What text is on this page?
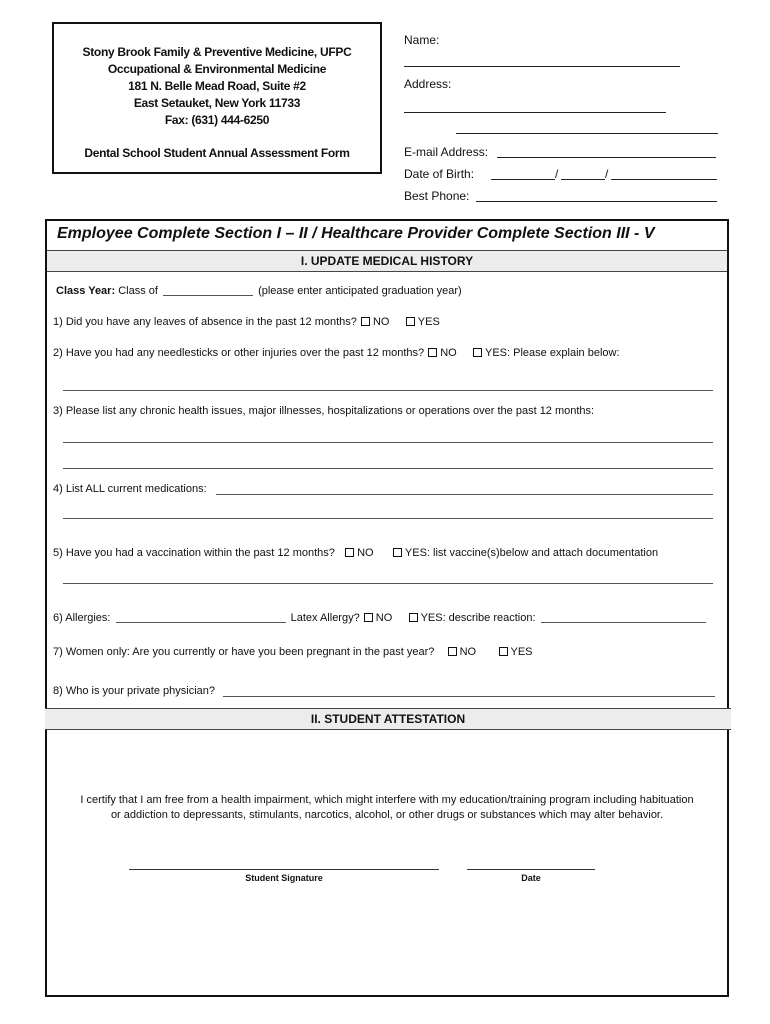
Stony Brook Family & Preventive Medicine, UFPC
Occupational & Environmental Medicine
181 N. Belle Mead Road, Suite #2
East Setauket, New York 11733
Fax: (631) 444-6250
Dental School Student Annual Assessment Form
Name:
Address:
E-mail Address:
Date of Birth:	/	/
Best Phone:
Employee Complete Section I – II / Healthcare Provider Complete Section III - V
I. UPDATE MEDICAL HISTORY
Class Year: Class of	(please enter anticipated graduation year)
1) Did you have any leaves of absence in the past 12 months? NO	YES
2) Have you had any needlesticks or other injuries over the past 12 months? NO	YES: Please explain below:
3) Please list any chronic health issues, major illnesses, hospitalizations or operations over the past 12 months:
4) List ALL current medications:
5) Have you had a vaccination within the past 12 months? NO	YES: list vaccine(s)below and attach documentation
6) Allergies:	Latex Allergy? NO	YES: describe reaction:
7) Women only: Are you currently or have you been pregnant in the past year? NO	YES
8) Who is your private physician?
II. STUDENT ATTESTATION
I certify that I am free from a health impairment, which might interfere with my education/training program including habituation
or addiction to depressants, stimulants, narcotics, alcohol, or other drugs or substances which may alter behavior.
Student Signature	Date
